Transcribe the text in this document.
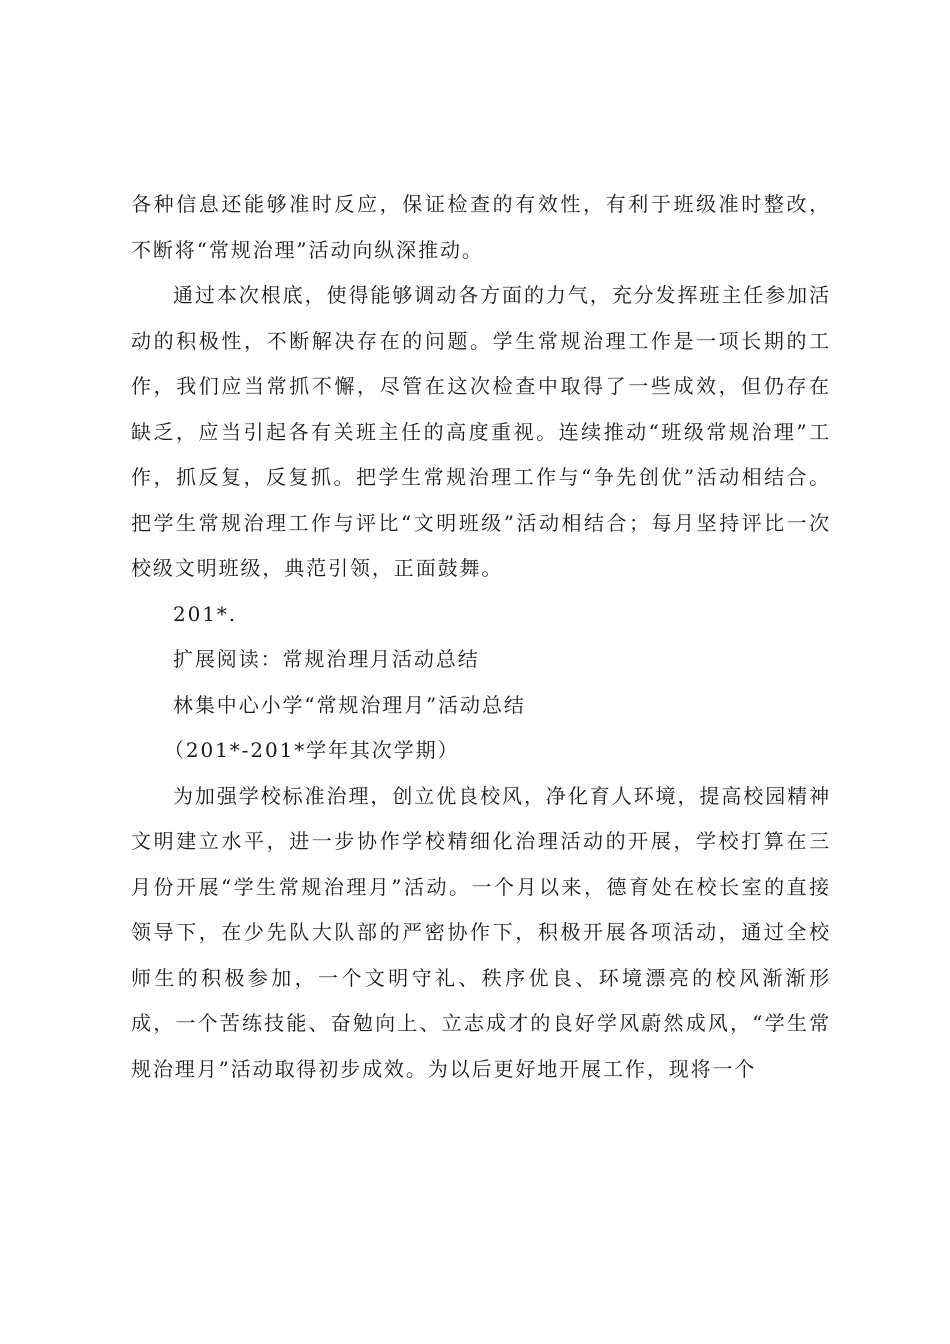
各种信息还能够准时反应，保证检查的有效性，有利于班级准时整改，不断将“常规治理”活动向纵深推动。

通过本次根底，使得能够调动各方面的力气，充分发挥班主任参加活动的积极性，不断解决存在的问题。学生常规治理工作是一项长期的工作，我们应当常抓不懈，尽管在这次检查中取得了一些成效，但仍存在缺乏，应当引起各有关班主任的高度重视。连续推动“班级常规治理”工作，抓反复，反复抓。把学生常规治理工作与“争先创优”活动相结合。把学生常规治理工作与评比“文明班级”活动相结合；每月坚持评比一次校级文明班级，典范引领，正面鼓舞。

201*.

扩展阅读：常规治理月活动总结

林集中心小学“常规治理月”活动总结

（201*-201*学年其次学期）

为加强学校标准治理，创立优良校风，净化育人环境，提高校园精神文明建立水平，进一步协作学校精细化治理活动的开展，学校打算在三月份开展“学生常规治理月”活动。一个月以来，德育处在校长室的直接领导下，在少先队大队部的严密协作下，积极开展各项活动，通过全校师生的积极参加，一个文明守礼、秩序优良、环境漂亮的校风渐渐形成，一个苦练技能、奋勉向上、立志成才的良好学风蔚然成风，“学生常规治理月”活动取得初步成效。为以后更好地开展工作，现将一个
